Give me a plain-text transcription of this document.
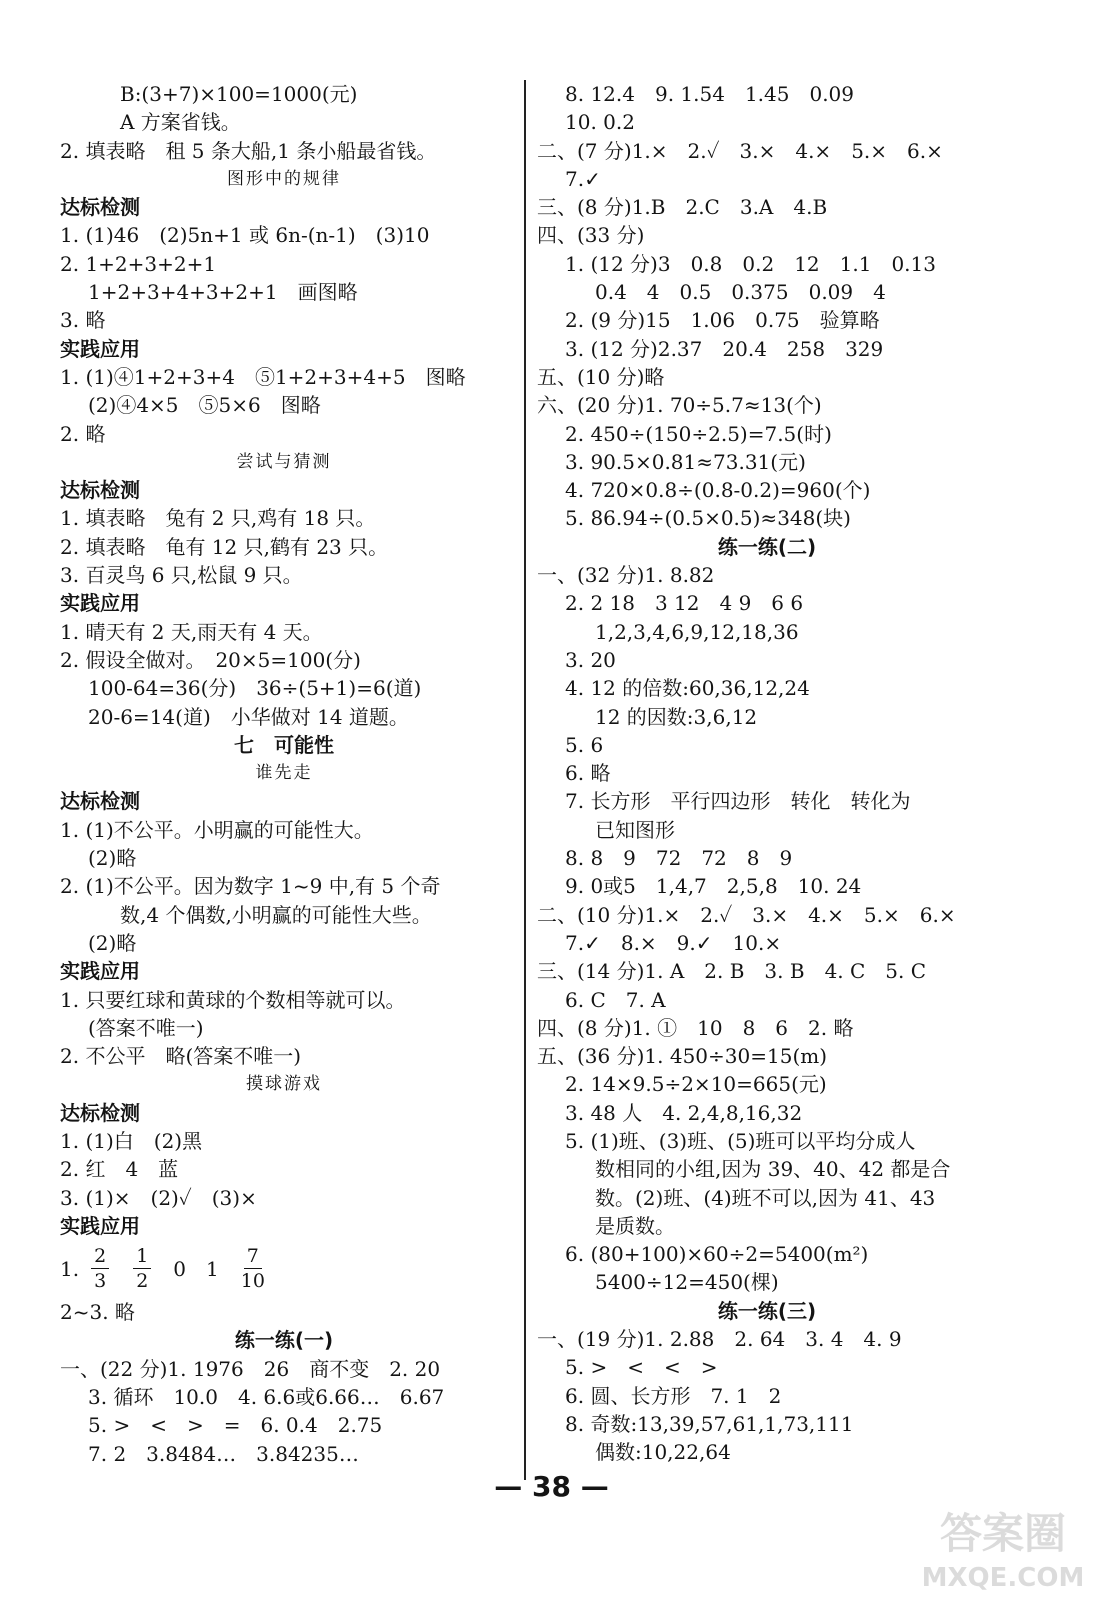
B:(3+7)×100=1000(元)
A 方案省钱。
2. 填表略　租 5 条大船,1 条小船最省钱。
图形中的规律
达标检测
1. (1)46　(2)5n+1 或 6n-(n-1)　(3)10
2. 1+2+3+2+1
1+2+3+4+3+2+1　画图略
3. 略
实践应用
1. (1)④1+2+3+4　⑤1+2+3+4+5　图略
(2)④4×5　⑤5×6　图略
2. 略
尝试与猜测
达标检测
1. 填表略　兔有 2 只,鸡有 18 只。
2. 填表略　龟有 12 只,鹤有 23 只。
3. 百灵鸟 6 只,松鼠 9 只。
实践应用
1. 晴天有 2 天,雨天有 4 天。
2. 假设全做对。　20×5=100(分)
100-64=36(分)　36÷(5+1)=6(道)
20-6=14(道)　小华做对 14 道题。
七　可能性
谁先走
达标检测
1. (1)不公平。小明赢的可能性大。
(2)略
2. (1)不公平。因为数字 1~9 中,有 5 个奇
数,4 个偶数,小明赢的可能性大些。
(2)略
实践应用
1. 只要红球和黄球的个数相等就可以。
(答案不唯一)
2. 不公平　略(答案不唯一)
摸球游戏
达标检测
1. (1)白　(2)黑
2. 红　4　蓝
3. (1)×　(2)✓　(3)×
实践应用
1. $\frac{2}{3} \frac{1}{2} 0$ $1 \frac{7}{10}$
2~3. 略
练一练(一)
一、(22 分)1. 1976　26　商不变　2. 20
3. 循环　10.0　4. 6.6或6.66…　6.67
5. >　<　>　=　6. 0.4　2.75
7. 2　3.8484…　3.84235…
8. 12.4　9. 1.54　1.45　0.09
10. 0.2
二、(7 分)1.×　2.✓　3.×　4.×　5.×　6.×
7.✓
三、(8 分)1.B　2.C　3.A　4.B
四、(33 分)
1. (12 分)3　0.8　0.2　12　1.1　0.13
0.4　4　0.5　0.375　0.09　4
2. (9 分)15　1.06　0.75　验算略
3. (12 分)2.37　20.4　258　329
五、(10 分)略
六、(20 分)1. 70÷5.7≈13(个)
2. 450÷(150÷2.5)=7.5(时)
3. 90.5×0.81≈73.31(元)
4. 720×0.8÷(0.8-0.2)=960(个)
5. 86.94÷(0.5×0.5)≈348(块)
练一练(二)
一、(32 分)1. 8.82
2. 2 18　3 12　4 9　6 6
1,2,3,4,6,9,12,18,36
3. 20
4. 12 的倍数:60,36,12,24
12 的因数:3,6,12
5. 6
6. 略
7. 长方形　平行四边形　转化　转化为
已知图形
8. 8　9　72　72　8　9
9. 0或5　1,4,7　2,5,8　10. 24
二、(10 分)1.×　2.✓　3.×　4.×　5.×　6.×
7.✓　8.×　9.✓　10.×
三、(14 分)1. A　2. B　3. B　4. C　5. C
6. C　7. A
四、(8 分)1. ①　10　8　6　2. 略
五、(36 分)1. 450÷30=15(m)
2. 14×9.5÷2×10=665(元)
3. 48 人　4. 2,4,8,16,32
5. (1)班、(3)班、(5)班可以平均分成人
数相同的小组,因为 39、40、42 都是合
数。(2)班、(4)班不可以,因为 41、43
是质数。
6. (80+100)×60÷2=5400(m²)
5400÷12=450(棵)
练一练(三)
一、(19 分)1. 2.88　2. 64　3. 4　4. 9
5. >　<　<　>
6. 圆、长方形　7. 1　2
8. 奇数:13,39,57,61,1,73,111
偶数:10,22,64
— 38 —
答案圈
MXQE.COM
